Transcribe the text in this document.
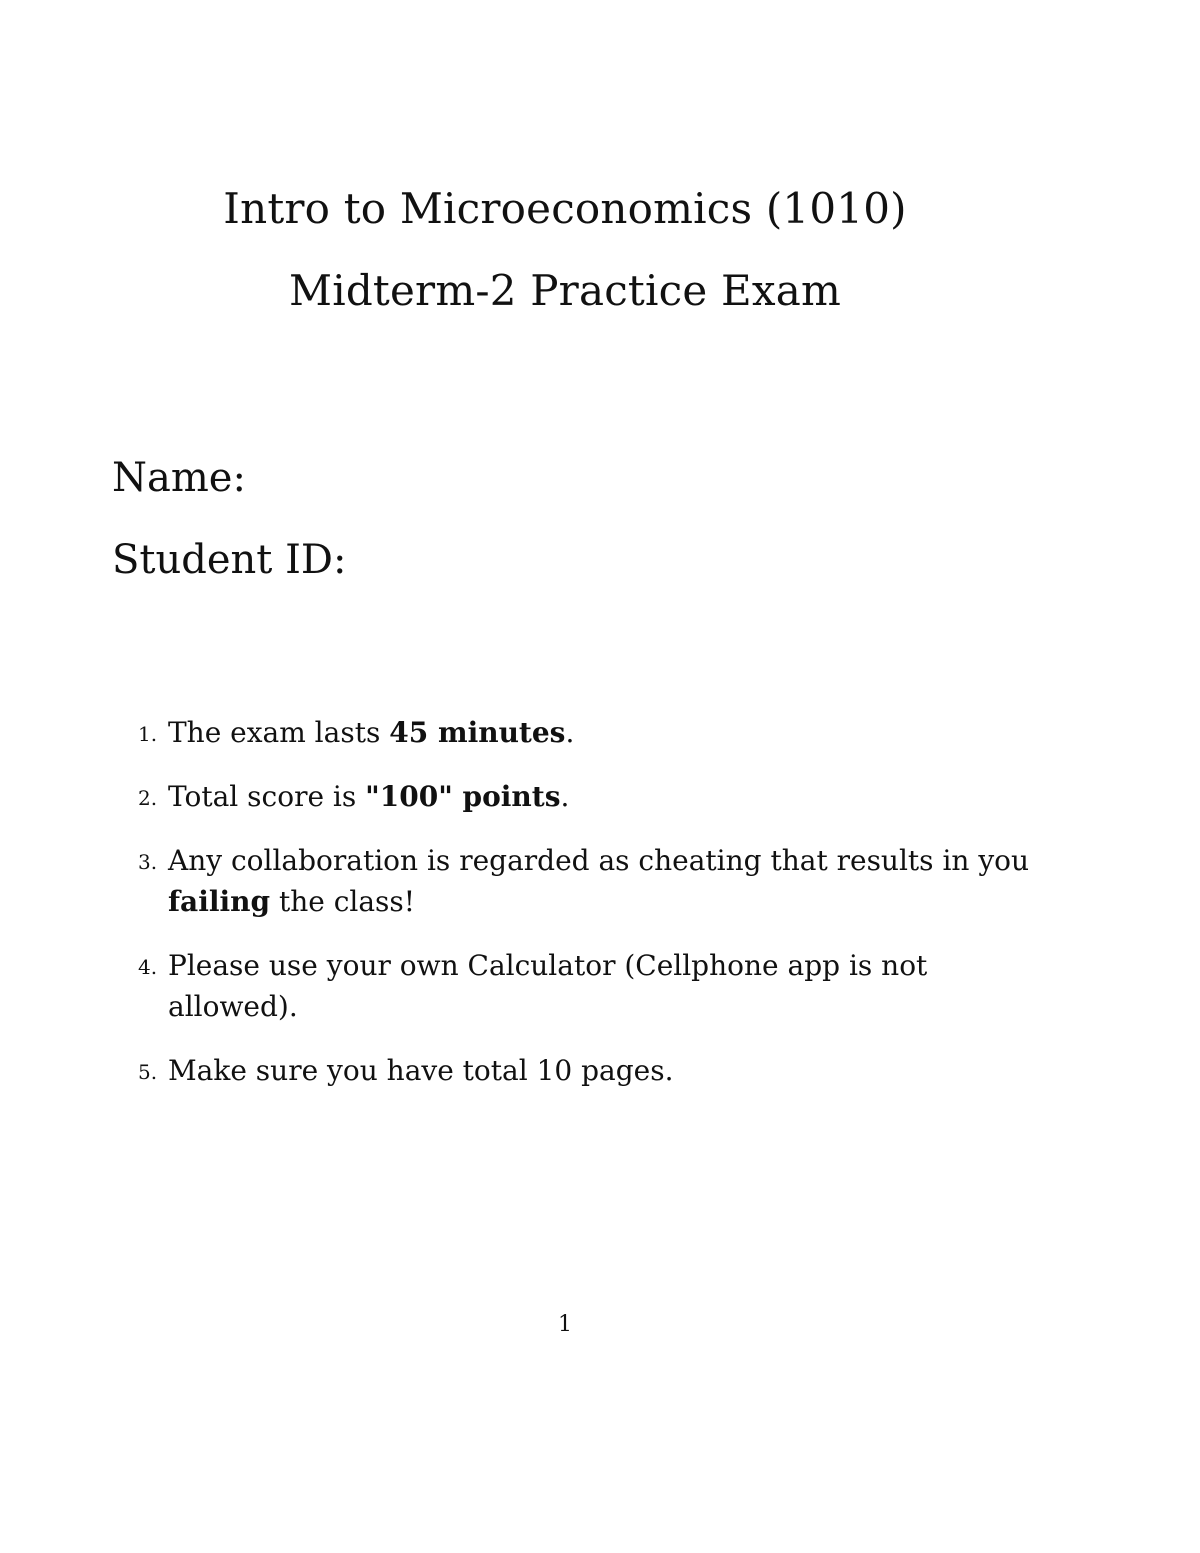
Intro to Microeconomics (1010)
Midterm-2 Practice Exam
Name:
Student ID:
1. The exam lasts 45 minutes.
2. Total score is "100" points.
3. Any collaboration is regarded as cheating that results in you failing the class!
4. Please use your own Calculator (Cellphone app is not allowed).
5. Make sure you have total 10 pages.
1
